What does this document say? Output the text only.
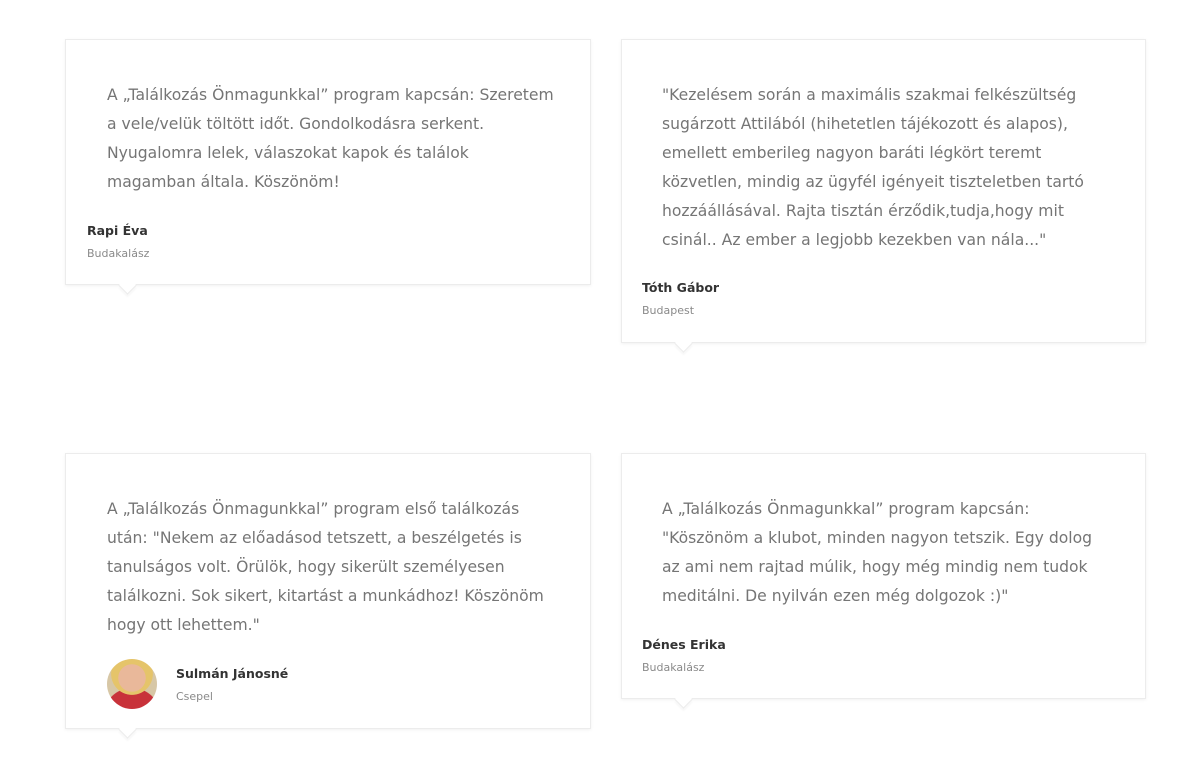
A „Találkozás Önmagunkkal” program kapcsán: Szeretem a vele/velük töltött időt. Gondolkodásra serkent. Nyugalomra lelek, válaszokat kapok és találok magamban általa. Köszönöm!

Rapi Éva

Budakalász

"Kezelésem során a maximális szakmai felkészültség sugárzott Attilából (hihetetlen tájékozott és alapos), emellett emberileg nagyon baráti légkört teremt közvetlen, mindig az ügyfél igényeit tiszteletben tartó hozzáállásával. Rajta tisztán érződik,tudja,hogy mit csinál.. Az ember a legjobb kezekben van nála..."

Tóth Gábor

Budapest

A „Találkozás Önmagunkkal” program első találkozás után: "Nekem az előadásod tetszett, a beszélgetés is tanulságos volt. Örülök, hogy sikerült személyesen találkozni. Sok sikert, kitartást a munkádhoz! Köszönöm hogy ott lehettem."

Sulmán Jánosné

Csepel

A „Találkozás Önmagunkkal” program kapcsán: "Köszönöm a klubot, minden nagyon tetszik. Egy dolog az ami nem rajtad múlik, hogy még mindig nem tudok meditálni. De nyilván ezen még dolgozok :)"

Dénes Erika

Budakalász
